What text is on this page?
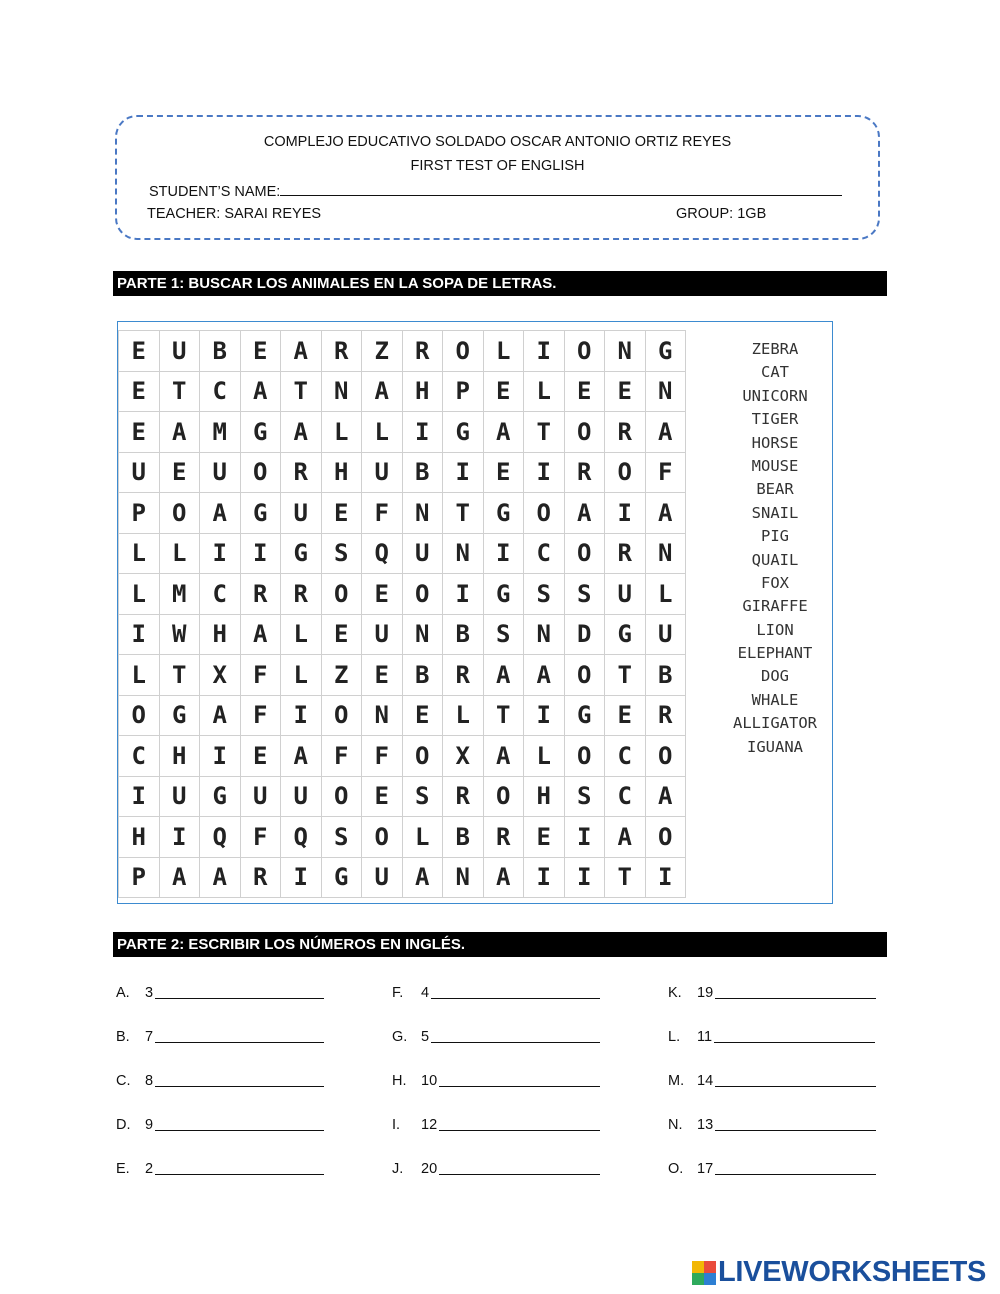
COMPLEJO EDUCATIVO SOLDADO OSCAR ANTONIO ORTIZ REYES
FIRST TEST OF ENGLISH
STUDENT’S NAME:
TEACHER: SARAI REYES	GROUP: 1GB
PARTE 1: BUSCAR LOS ANIMALES EN LA SOPA DE LETRAS.
E	U	B	E	A	R	Z	R	O	L	I	O	N	G
E	T	C	A	T	N	A	H	P	E	L	E	E	N
E	A	M	G	A	L	L	I	G	A	T	O	R	A
U	E	U	O	R	H	U	B	I	E	I	R	O	F
P	O	A	G	U	E	F	N	T	G	O	A	I	A
L	L	I	I	G	S	Q	U	N	I	C	O	R	N
L	M	C	R	R	O	E	O	I	G	S	S	U	L
I	W	H	A	L	E	U	N	B	S	N	D	G	U
L	T	X	F	L	Z	E	B	R	A	A	O	T	B
O	G	A	F	I	O	N	E	L	T	I	G	E	R
C	H	I	E	A	F	F	O	X	A	L	O	C	O
I	U	G	U	U	O	E	S	R	O	H	S	C	A
H	I	Q	F	Q	S	O	L	B	R	E	I	A	O
P	A	A	R	I	G	U	A	N	A	I	I	T	I
ZEBRA
CAT
UNICORN
TIGER
HORSE
MOUSE
BEAR
SNAIL
PIG
QUAIL
FOX
GIRAFFE
LION
ELEPHANT
DOG
WHALE
ALLIGATOR
IGUANA
PARTE 2: ESCRIBIR LOS NÚMEROS EN INGLÉS.
A.	3
B.	7
C.	8
D.	9
E.	2
F.	4
G. 5
H.	10
I.	12
J.	20
K.	19
L.	11
M. 14
N.	13
O. 17
LIVEWORKSHEETS
